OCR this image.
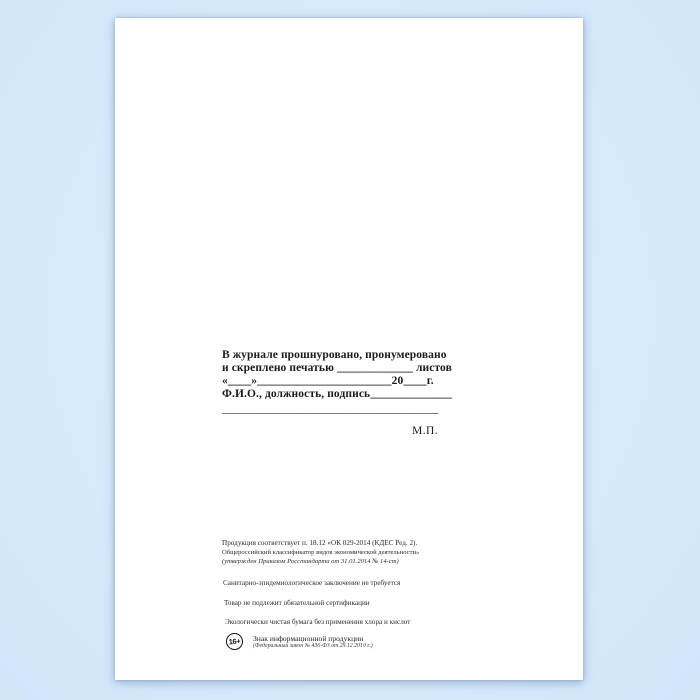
В журнале прошнуровано, пронумеровано
и скреплено печатью _____________ листов
«____»_______________________20____г.
Ф.И.О., должность, подпись______________
_____________________________________
М.П.
Продукция соответствует п. 18.12 «ОК 029-2014 (КДЕС Ред. 2).
Общероссийский классификатор видов экономической деятельности»
(утвержден Приказом Росстандарта от 31.01.2014 № 14-ст)
Санитарно-эпидемиологическое заключение не требуется
Товар не подлежит обязательной сертификации
Экологически чистая бумага без применения хлора и кислот
16+	Знак информационной продукции
(Федеральный закон № 436-ФЗ от 29.12.2010 г.)
